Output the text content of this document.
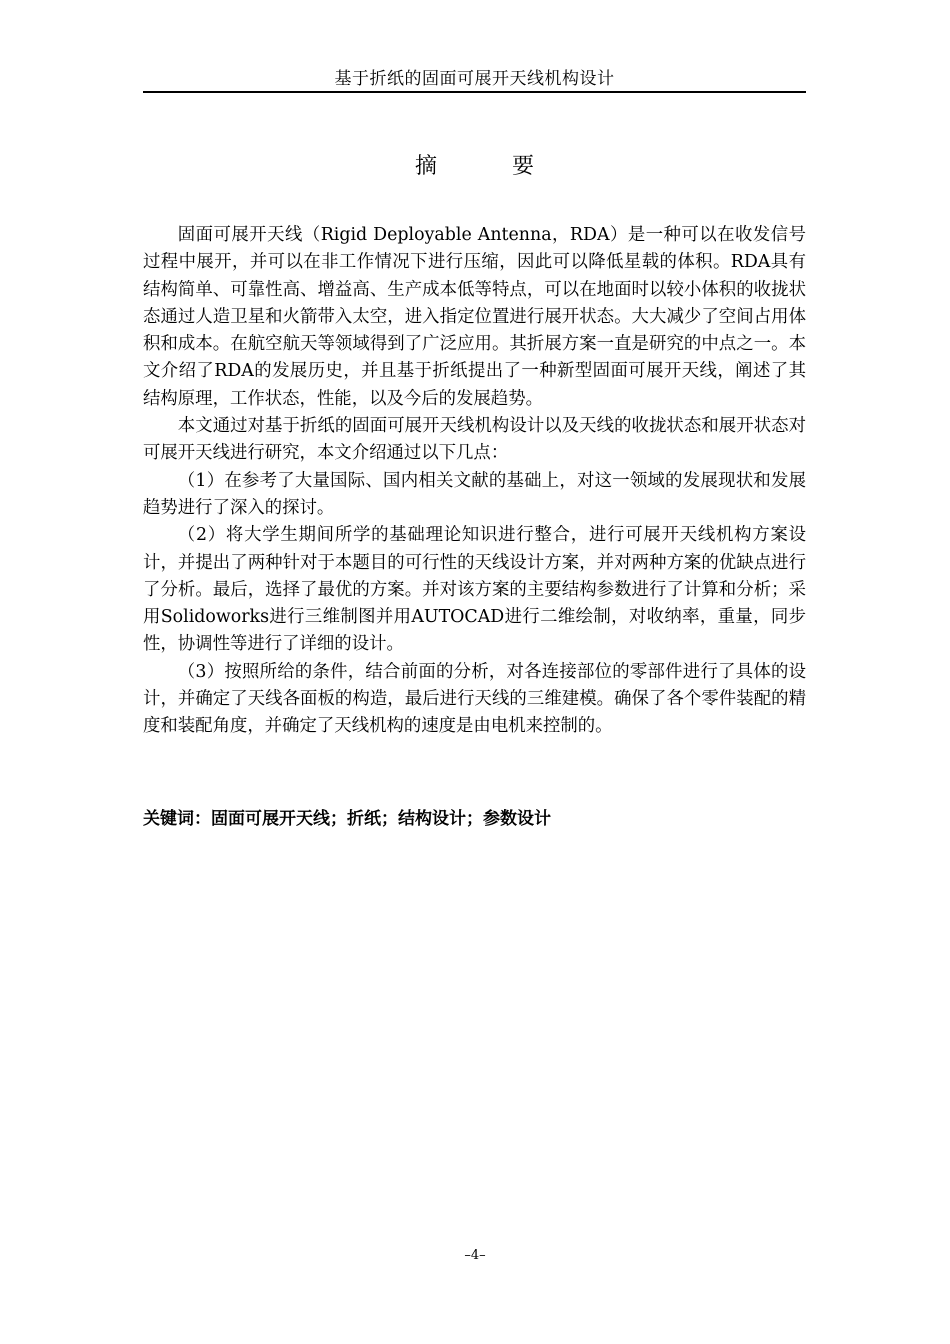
基于折纸的固面可展开天线机构设计
摘 要

固面可展开天线（Rigid Deployable Antenna，RDA）是一种可以在收发信号过程中展开，并可以在非工作情况下进行压缩，因此可以降低星载的体积。RDA具有结构简单、可靠性高、增益高、生产成本低等特点，可以在地面时以较小体积的收拢状态通过人造卫星和火箭带入太空，进入指定位置进行展开状态。大大减少了空间占用体积和成本。在航空航天等领域得到了广泛应用。其折展方案一直是研究的中点之一。本文介绍了RDA的发展历史，并且基于折纸提出了一种新型固面可展开天线，阐述了其结构原理，工作状态，性能，以及今后的发展趋势。

本文通过对基于折纸的固面可展开天线机构设计以及天线的收拢状态和展开状态对可展开天线进行研究，本文介绍通过以下几点：

（1）在参考了大量国际、国内相关文献的基础上，对这一领域的发展现状和发展趋势进行了深入的探讨。

（2）将大学生期间所学的基础理论知识进行整合，进行可展开天线机构方案设计，并提出了两种针对于本题目的可行性的天线设计方案，并对两种方案的优缺点进行了分析。最后，选择了最优的方案。并对该方案的主要结构参数进行了计算和分析；采用Solidoworks进行三维制图并用AUTOCAD进行二维绘制，对收纳率，重量，同步性，协调性等进行了详细的设计。

（3）按照所给的条件，结合前面的分析，对各连接部位的零部件进行了具体的设计，并确定了天线各面板的构造，最后进行天线的三维建模。确保了各个零件装配的精度和装配角度，并确定了天线机构的速度是由电机来控制的。

关键词：固面可展开天线；折纸；结构设计；参数设计
–4–
